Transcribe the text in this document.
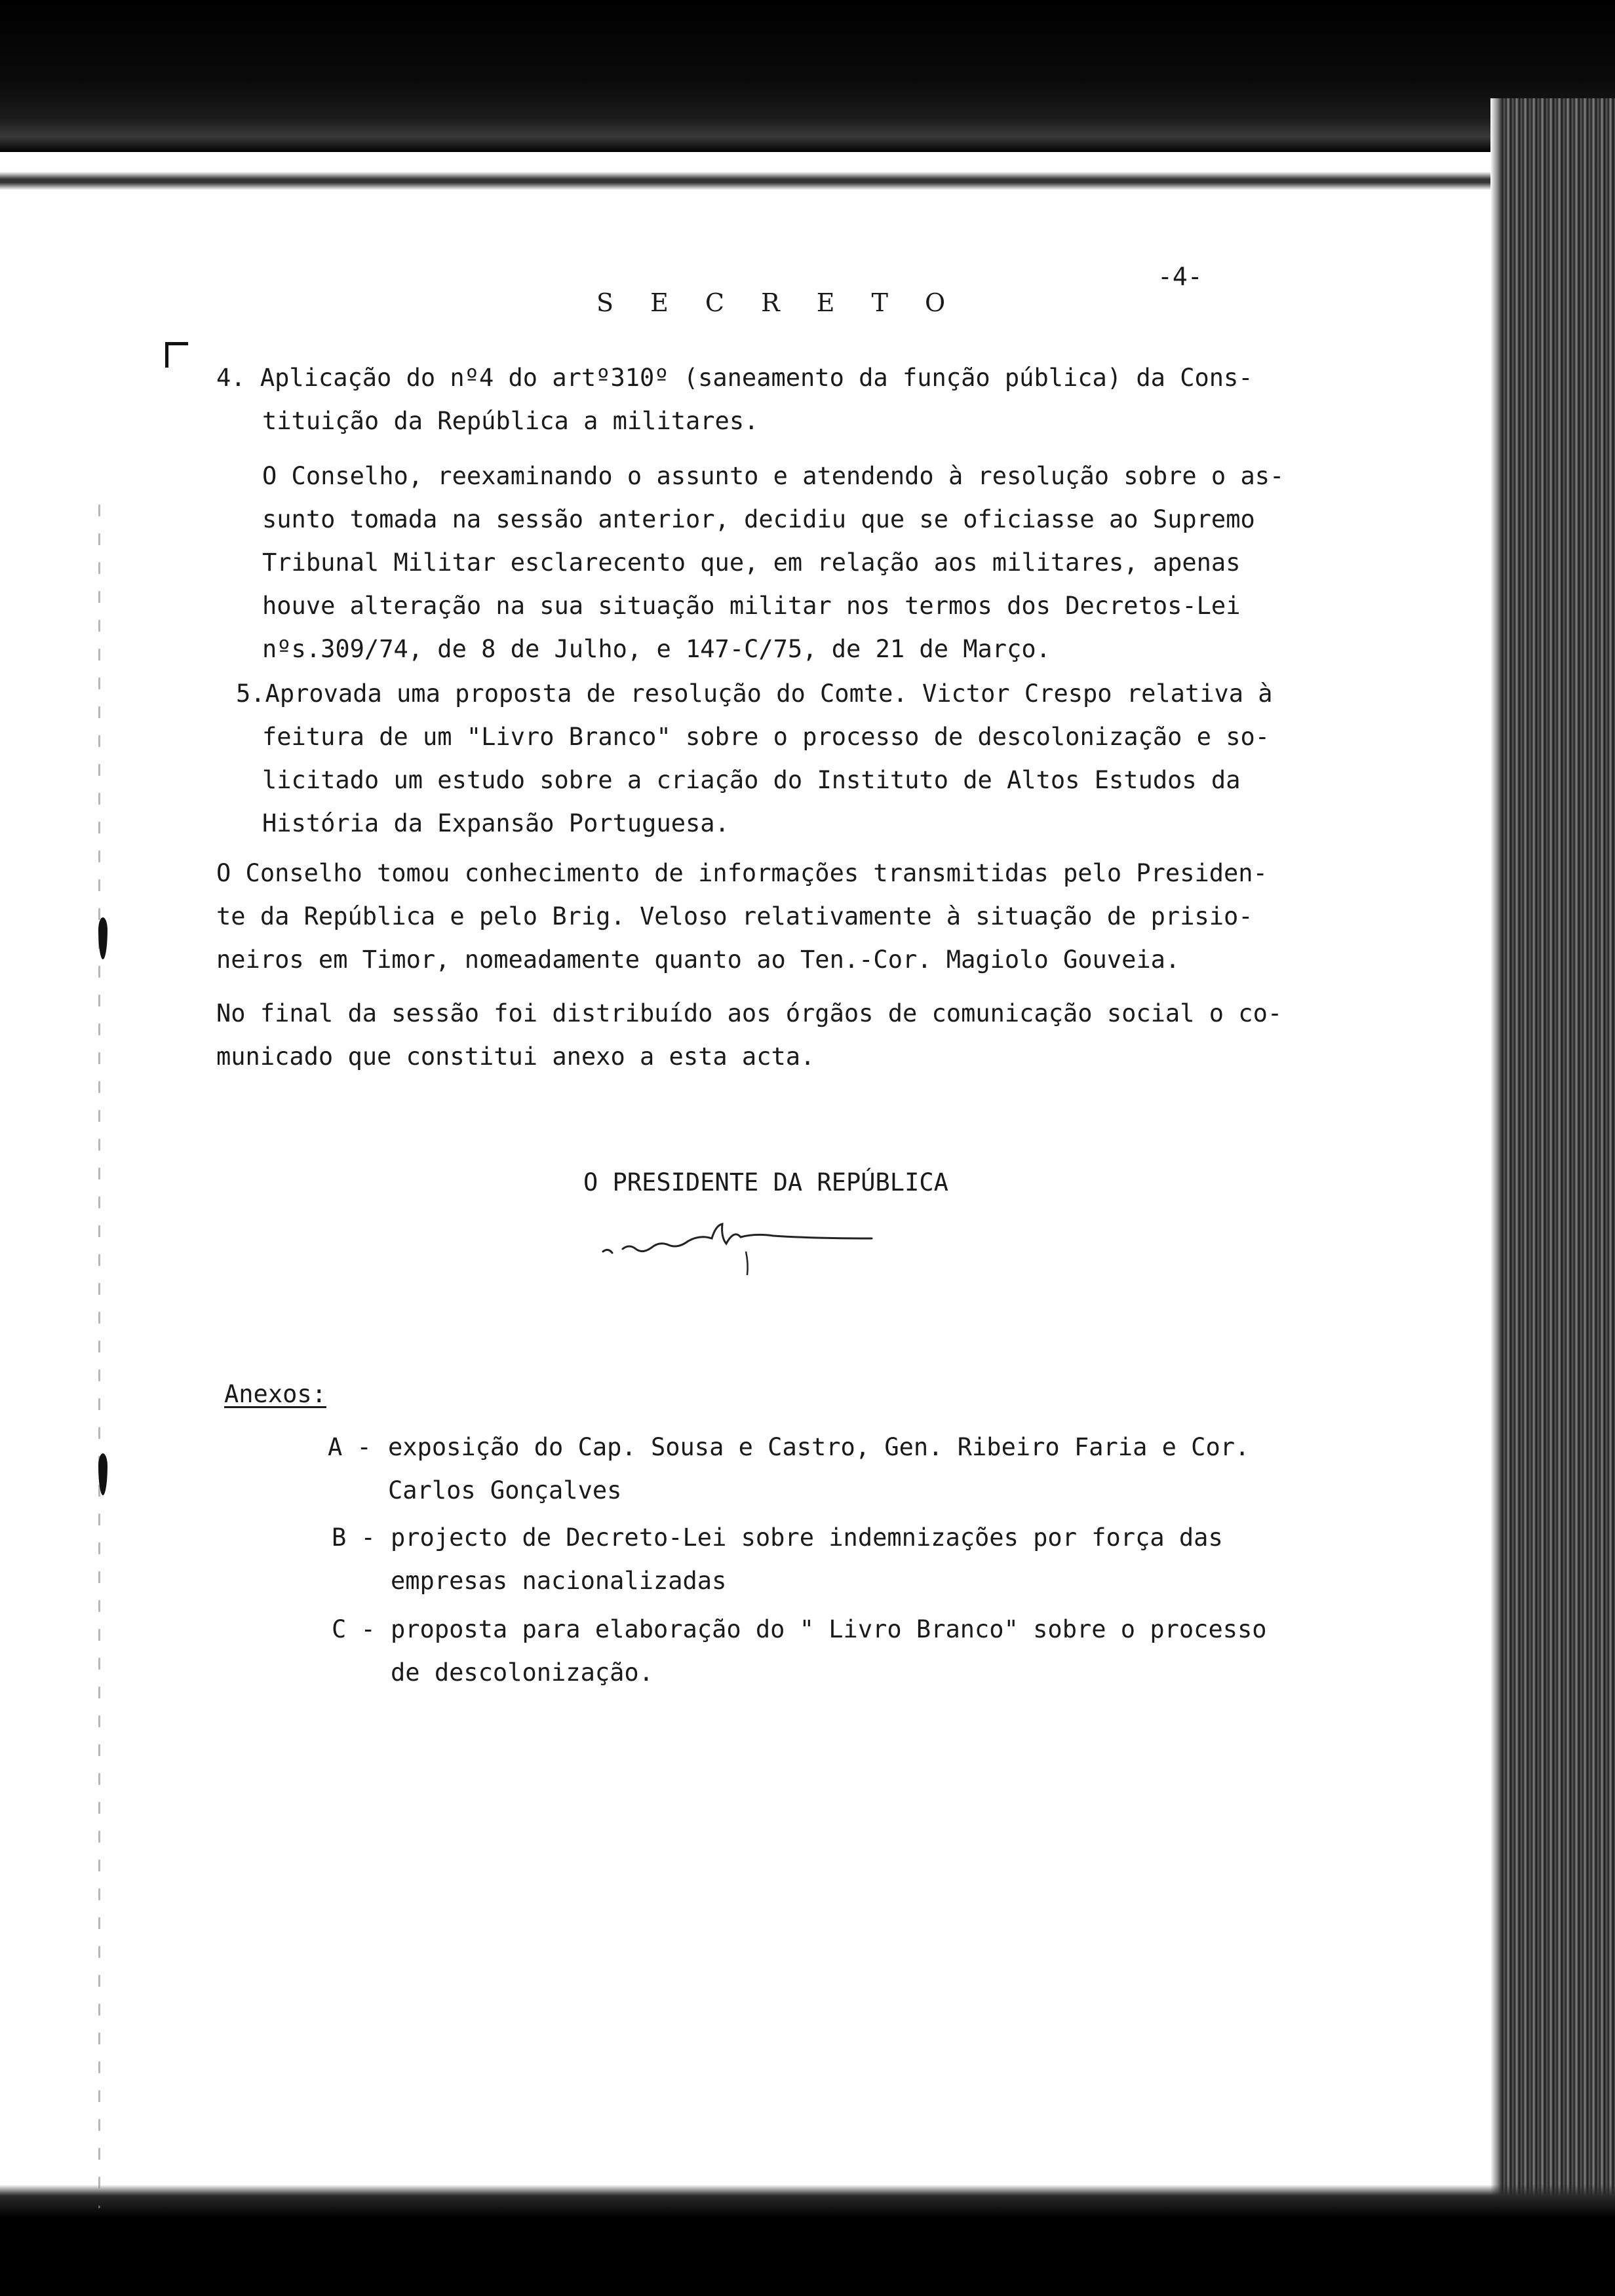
S E C R E T O
-4-
4. Aplicação do nº4 do artº310º (saneamento da função pública) da Cons-
tituição da República a militares.
O Conselho, reexaminando o assunto e atendendo à resolução sobre o as-
sunto tomada na sessão anterior, decidiu que se oficiasse ao Supremo
Tribunal Militar esclarecento que, em relação aos militares, apenas
houve alteração na sua situação militar nos termos dos Decretos-Lei
nºs.309/74, de 8 de Julho, e 147-C/75, de 21 de Março.
5.Aprovada uma proposta de resolução do Comte. Victor Crespo relativa à
feitura de um "Livro Branco" sobre o processo de descolonização e so-
licitado um estudo sobre a criação do Instituto de Altos Estudos da
História da Expansão Portuguesa.
O Conselho tomou conhecimento de informações transmitidas pelo Presiden-
te da República e pelo Brig. Veloso relativamente à situação de prisio-
neiros em Timor, nomeadamente quanto ao Ten.-Cor. Magiolo Gouveia.
No final da sessão foi distribuído aos órgãos de comunicação social o co-
municado que constitui anexo a esta acta.
O PRESIDENTE DA REPÚBLICA
Anexos:
A - exposição do Cap. Sousa e Castro, Gen. Ribeiro Faria e Cor.
Carlos Gonçalves
B - projecto de Decreto-Lei sobre indemnizações por força das
empresas nacionalizadas
C - proposta para elaboração do " Livro Branco" sobre o processo
de descolonização.
